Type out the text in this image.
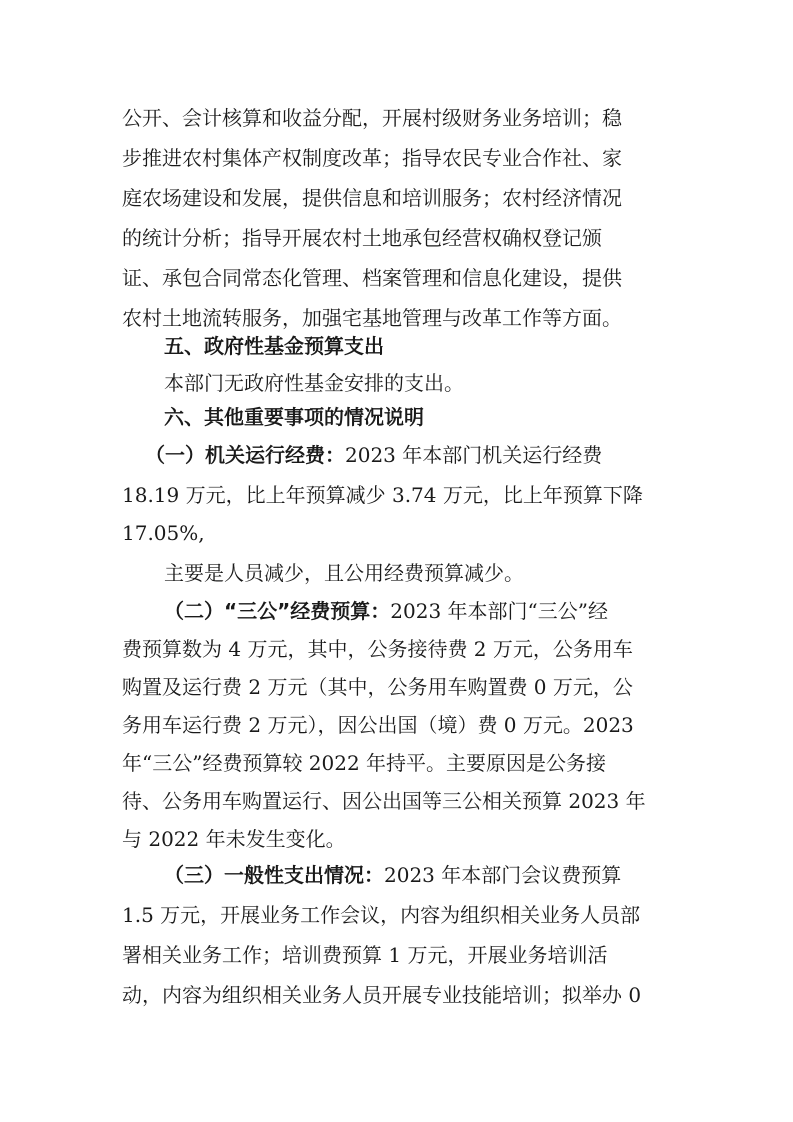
公开、会计核算和收益分配，开展村级财务业务培训；稳
步推进农村集体产权制度改革；指导农民专业合作社、家
庭农场建设和发展，提供信息和培训服务；农村经济情况
的统计分析；指导开展农村土地承包经营权确权登记颁
证、承包合同常态化管理、档案管理和信息化建设，提供
农村土地流转服务，加强宅基地管理与改革工作等方面。
五、政府性基金预算支出
本部门无政府性基金安排的支出。
六、其他重要事项的情况说明
（一）机关运行经费： 2023 年本部门机关运行经费
18.19 万元，比上年预算减少 3.74 万元，比上年预算下降
17.05%,
主要是人员减少，且公用经费预算减少。
（二）“三公”经费预算： 2023 年本部门“三公”经
费预算数为 4 万元，其中，公务接待费 2 万元，公务用车
购置及运行费 2 万元（其中，公务用车购置费 0 万元，公
务用车运行费 2 万元），因公出国（境）费 0 万元。2023
年“三公”经费预算较 2022 年持平。主要原因是公务接
待、公务用车购置运行、因公出国等三公相关预算 2023 年
与 2022 年未发生变化。
（三）一般性支出情况： 2023 年本部门会议费预算
1.5 万元，开展业务工作会议，内容为组织相关业务人员部
署相关业务工作；培训费预算 1 万元，开展业务培训活
动，内容为组织相关业务人员开展专业技能培训；拟举办 0
